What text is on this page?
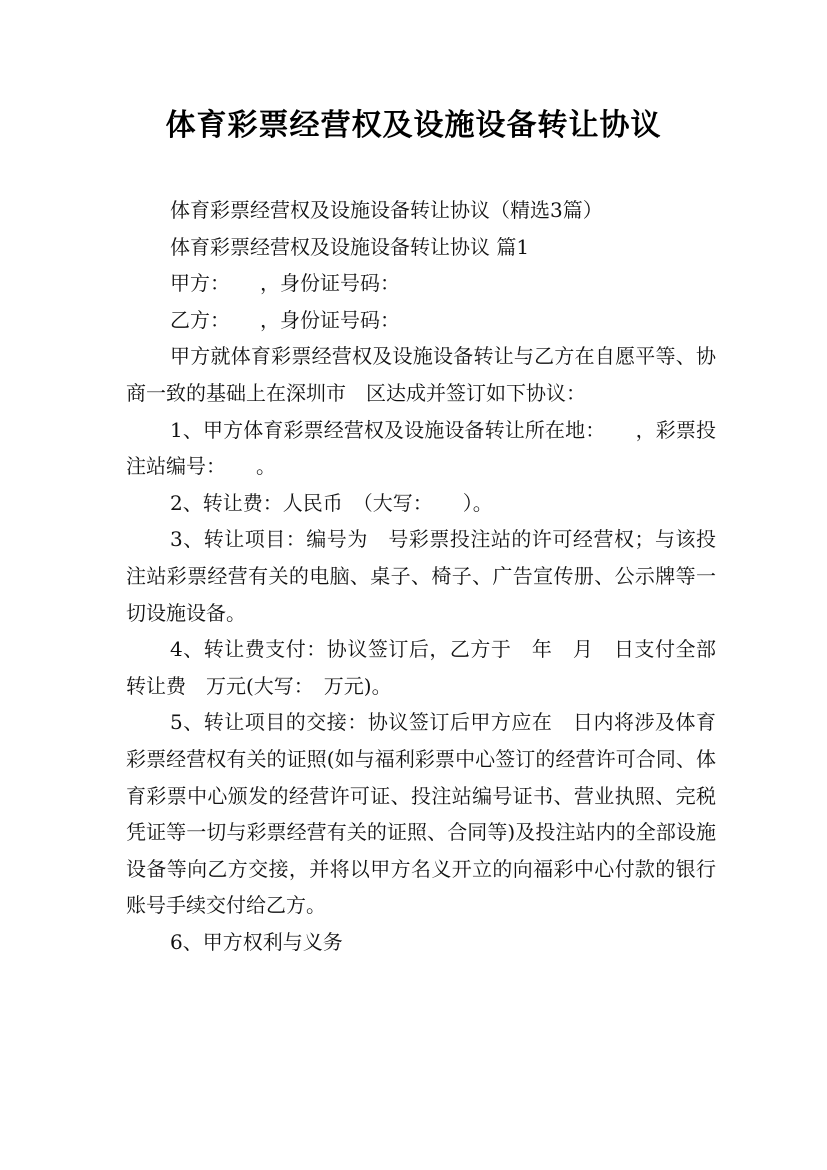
体育彩票经营权及设施设备转让协议

体育彩票经营权及设施设备转让协议（精选3篇）

体育彩票经营权及设施设备转让协议 篇1

甲方：　　，身份证号码：

乙方：　　，身份证号码：

甲方就体育彩票经营权及设施设备转让与乙方在自愿平等、协商一致的基础上在深圳市　区达成并签订如下协议：

1、甲方体育彩票经营权及设施设备转让所在地：　　，彩票投注站编号：　　。

2、转让费：人民币　（大写：　　）。

3、转让项目：编号为　号彩票投注站的许可经营权；与该投注站彩票经营有关的电脑、桌子、椅子、广告宣传册、公示牌等一切设施设备。

4、转让费支付：协议签订后，乙方于　年　月　日支付全部转让费　万元(大写：　万元)。

5、转让项目的交接：协议签订后甲方应在　日内将涉及体育彩票经营权有关的证照(如与福利彩票中心签订的经营许可合同、体育彩票中心颁发的经营许可证、投注站编号证书、营业执照、完税凭证等一切与彩票经营有关的证照、合同等)及投注站内的全部设施设备等向乙方交接，并将以甲方名义开立的向福彩中心付款的银行账号手续交付给乙方。

6、甲方权利与义务
